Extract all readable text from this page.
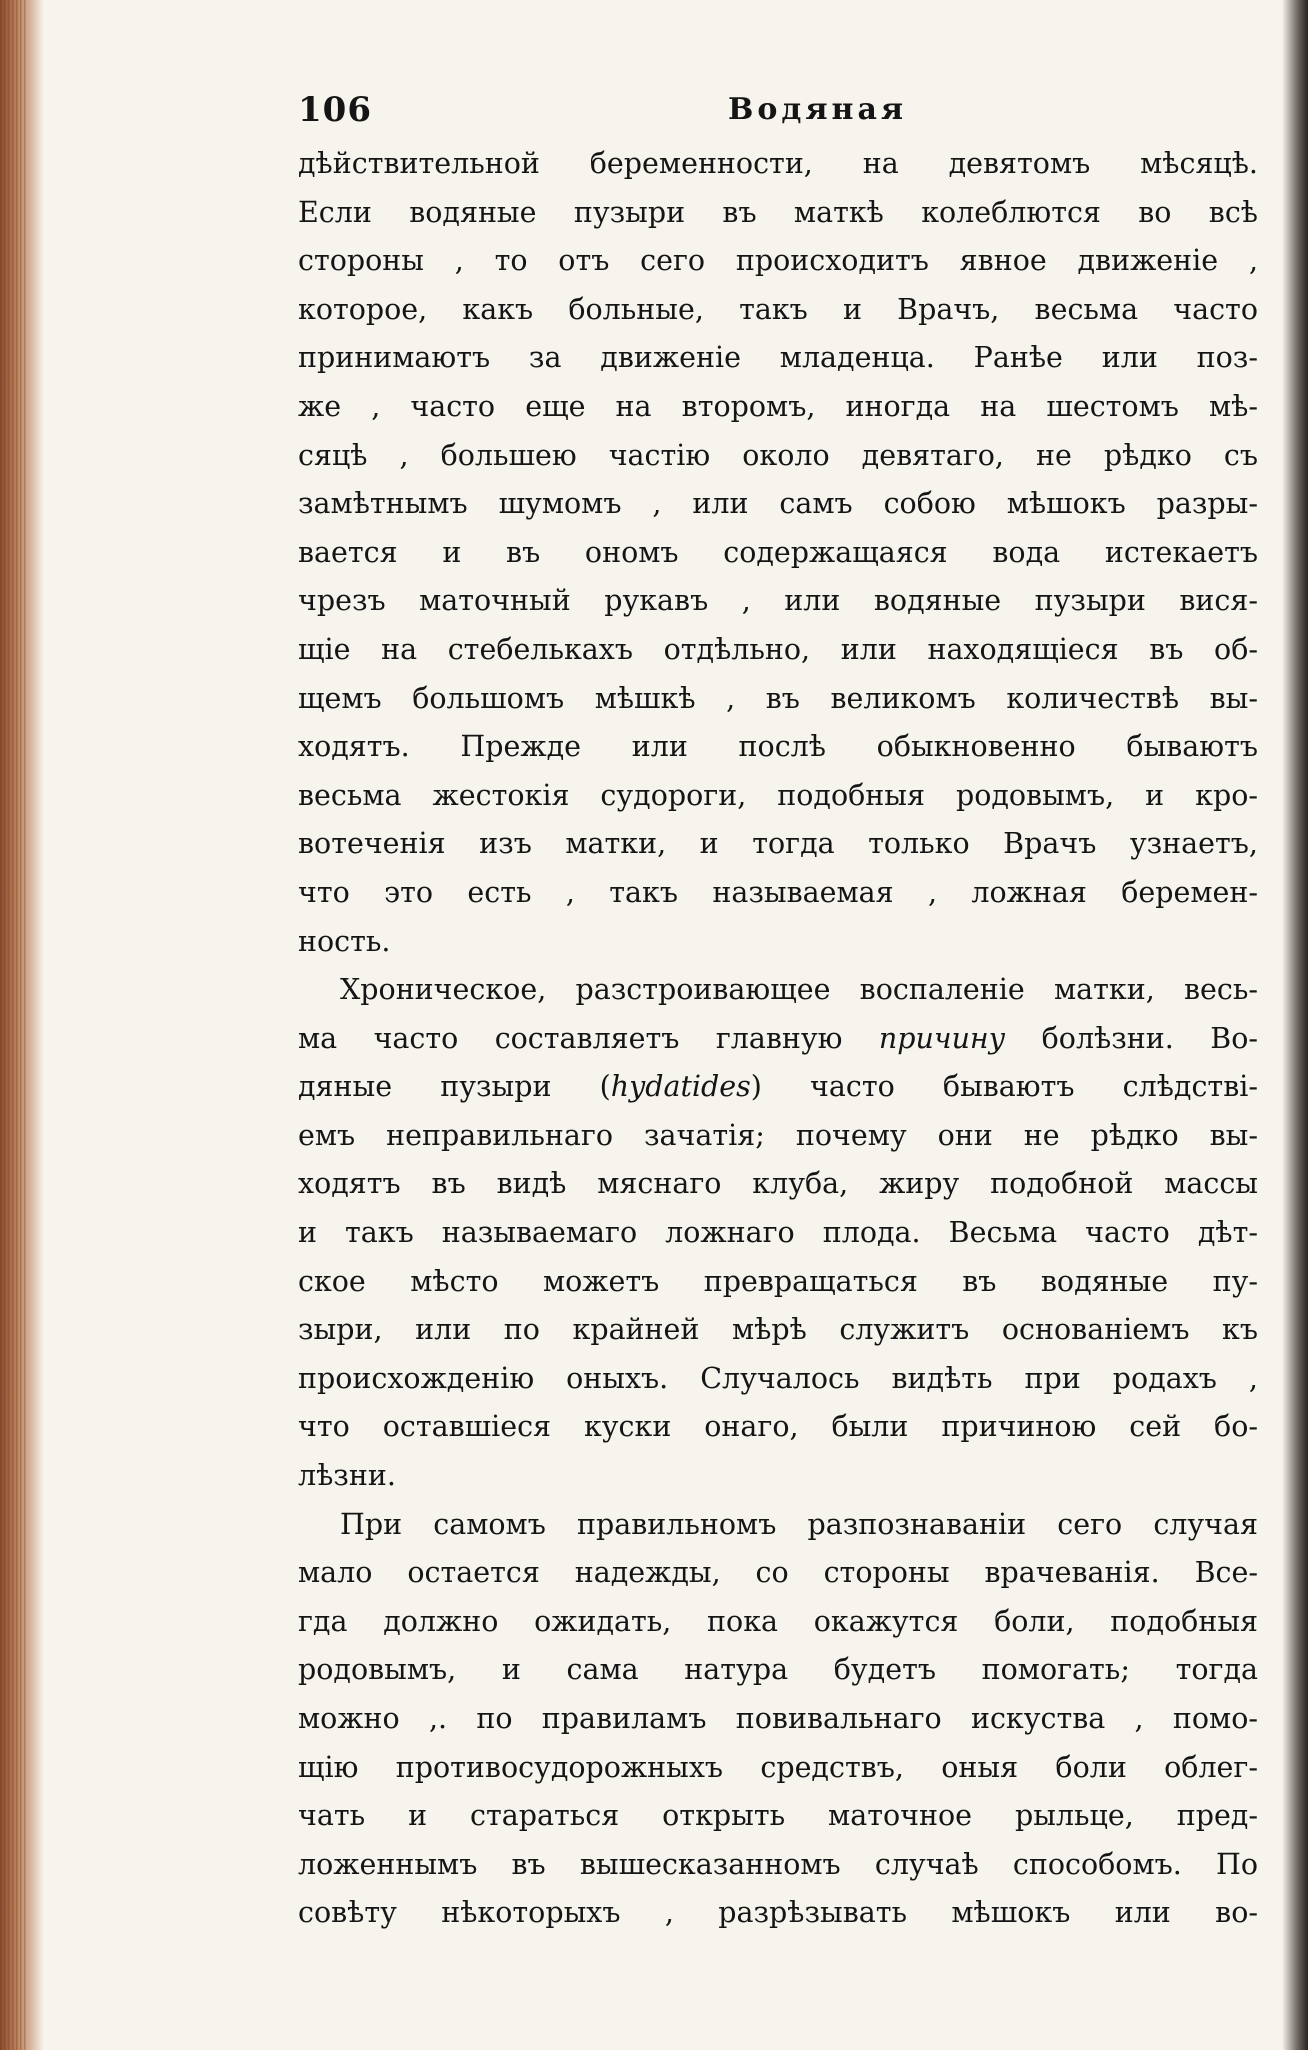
106	Водяная
дѣйствительной беременности, на девятомъ мѣсяцѣ.
Если водяные пузыри въ маткѣ колеблются во всѣ
стороны , то отъ сего происходитъ явное движеніе ,
которое, какъ больные, такъ и Врачъ, весьма часто
принимаютъ за движеніе младенца. Ранѣе или поз-
же , часто еще на второмъ, иногда на шестомъ мѣ-
сяцѣ , большею частію около девятаго, не рѣдко съ
замѣтнымъ шумомъ , или самъ собою мѣшокъ разры-
вается и въ ономъ содержащаяся вода истекаетъ
чрезъ маточный рукавъ , или водяные пузыри вися-
щіе на стебелькахъ отдѣльно, или находящіеся въ об-
щемъ большомъ мѣшкѣ , въ великомъ количествѣ вы-
ходятъ. Прежде или послѣ обыкновенно бываютъ
весьма жестокія судороги, подобныя родовымъ, и кро-
вотеченія изъ матки, и тогда только Врачъ узнаетъ,
что это есть , такъ называемая , ложная беремен-
ность.
Хроническое, разстроивающее воспаленіе матки, весь-
ма часто составляетъ главную причину болѣзни. Во-
дяные пузыри (hydatides) часто бываютъ слѣдстві-
емъ неправильнаго зачатія; почему они не рѣдко вы-
ходятъ въ видѣ мяснаго клуба, жиру подобной массы
и такъ называемаго ложнаго плода. Весьма часто дѣт-
ское мѣсто можетъ превращаться въ водяные пу-
зыри, или по крайней мѣрѣ служитъ основаніемъ къ
происхожденію оныхъ. Случалось видѣть при родахъ ,
что оставшіеся куски онаго, были причиною сей бо-
лѣзни.
При самомъ правильномъ разпознаваніи сего случая
мало остается надежды, со стороны врачеванія. Все-
гда должно ожидать, пока окажутся боли, подобныя
родовымъ, и сама натура будетъ помогать; тогда
можно ,. по правиламъ повивальнаго искуства , помо-
щію противосудорожныхъ средствъ, оныя боли облег-
чать и стараться открыть маточное рыльце, пред-
ложеннымъ въ вышесказанномъ случаѣ способомъ. По
совѣту нѣкоторыхъ , разрѣзывать мѣшокъ или во-
